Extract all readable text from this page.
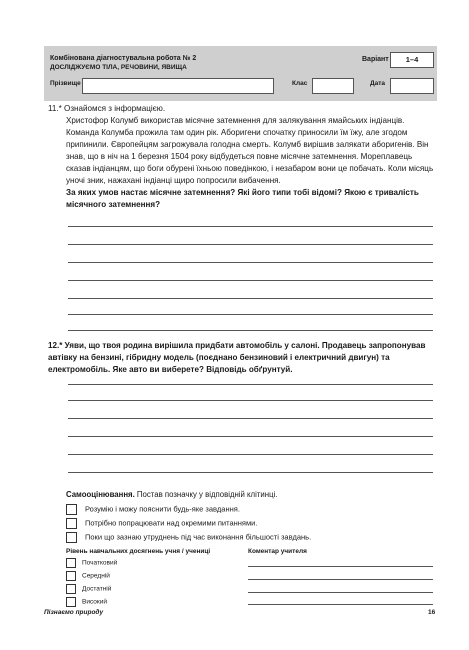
Комбінована діагностувальна робота № 2
ДОСЛІДЖУЄМО ТІЛА, РЕЧОВИНИ, ЯВИЩА
Варіант	1–4
Прізвище	Клас	Дата

11.* Ознайомся з інформацією.

Христофор Колумб використав місячне затемнення для залякування ямайських індіанців. Команда Колумба прожила там один рік. Аборигени спочатку приносили їм їжу, але згодом припинили. Європейцям загрожувала голодна смерть. Колумб вирішив залякати аборигенів. Він знав, що в ніч на 1 березня 1504 року відбудеться повне місячне затемнення. Мореплавець сказав індіанцям, що боги обурені їхньою поведінкою, і незабаром вони це побачать. Коли місяць уночі зник, нажахані індіанці щиро попросили вибачення.

За яких умов настає місячне затемнення? Які його типи тобі відомі? Якою є тривалість місячного затемнення?

12.* Уяви, що твоя родина вирішила придбати автомобіль у салоні. Продавець запропонував автівку на бензині, гібридну модель (поєднано бензиновий і електричний двигун) та електромобіль. Яке авто ви виберете? Відповідь обґрунтуй.
Самооцінювання. Постав позначку у відповідній клітинці.
Розумію і можу пояснити будь-яке завдання.
Потрібно попрацювати над окремими питаннями.
Поки що зазнаю утруднень під час виконання більшості завдань.
Рівень навчальних досягнень учня / учениці	Коментар учителя
Початковий
Середній
Достатній
Високий
Пізнаємо природу	16
